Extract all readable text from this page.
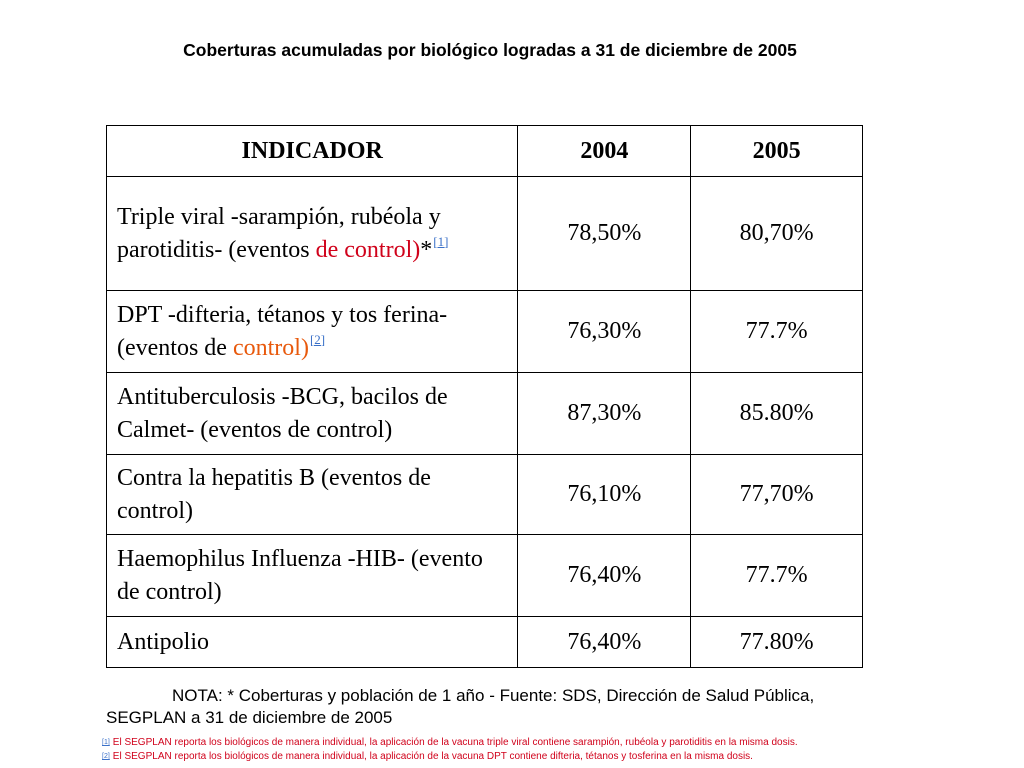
Coberturas acumuladas por biológico logradas a 31 de diciembre de 2005
INDICADOR	2004	2005
Triple viral -sarampión, rubéola y parotiditis- (eventos de control)*[1]	78,50%	80,70%
DPT -difteria, tétanos y tos ferina- (eventos de control)[2]	76,30%	77.7%
Antituberculosis -BCG, bacilos de Calmet- (eventos de control)	87,30%	85.80%
Contra la hepatitis B (eventos de control)	76,10%	77,70%
Haemophilus Influenza -HIB- (evento de control)	76,40%	77.7%
Antipolio	76,40%	77.80%
NOTA: * Coberturas y población de 1 año - Fuente: SDS, Dirección de Salud Pública, SEGPLAN a 31 de diciembre de 2005
[1] El SEGPLAN reporta los biológicos de manera individual, la aplicación de la vacuna triple viral contiene sarampión, rubéola y parotiditis en la misma dosis.
[2] El SEGPLAN reporta los biológicos de manera individual, la aplicación de la vacuna DPT contiene difteria, tétanos y tosferina en la misma dosis.
